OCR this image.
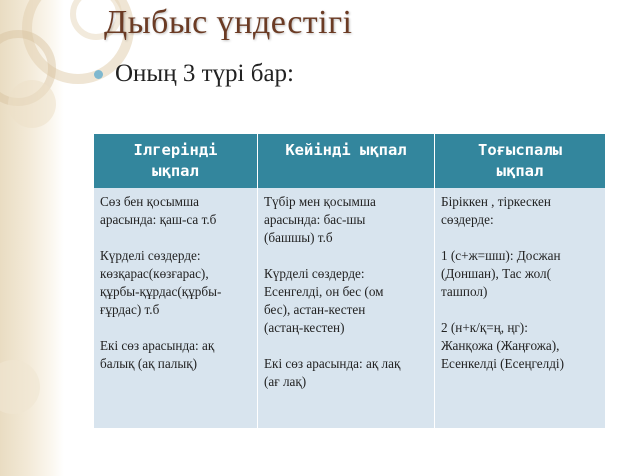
Дыбыс үндестігі
Оның 3 түрі бар:
Ілгерінді
ықпал
Кейінді ықпал	Тоғыспалы
ықпал
Сөз бен қосымша
арасында: қаш-са т.б

Күрделі сөздерде:
көзқарас(көзғарас),
құрбы-құрдас(құрбы-
ғұрдас) т.б

Екі сөз арасында: ақ
балық (ақ палық)
Түбір мен қосымша
арасында: бас-шы
(башшы) т.б

Күрделі сөздерде:
Есенгелді, он бес (ом
бес), астан-кестен
(астаң-кестен)

Екі сөз арасында: ақ лақ
(ағ лақ)
Біріккен , тіркескен
сөздерде:

1 (с+ж=шш): Досжан
(Доншан), Тас жол(
ташпол)

2 (н+к/қ=ң, ңг):
Жанқожа (Жаңғожа),
Есенкелді (Есеңгелді)
